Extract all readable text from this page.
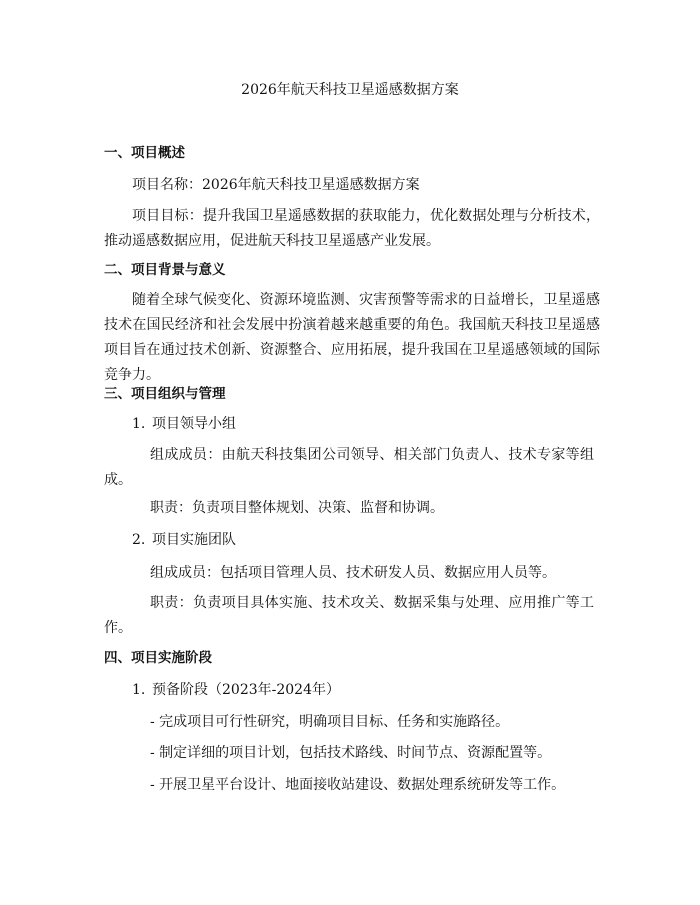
2026年航天科技卫星遥感数据方案
一、项目概述
项目名称：2026年航天科技卫星遥感数据方案
项目目标：提升我国卫星遥感数据的获取能力，优化数据处理与分析技术，推动遥感数据应用，促进航天科技卫星遥感产业发展。
二、项目背景与意义
随着全球气候变化、资源环境监测、灾害预警等需求的日益增长，卫星遥感技术在国民经济和社会发展中扮演着越来越重要的角色。我国航天科技卫星遥感项目旨在通过技术创新、资源整合、应用拓展，提升我国在卫星遥感领域的国际竞争力。
三、项目组织与管理
1. 项目领导小组
组成成员：由航天科技集团公司领导、相关部门负责人、技术专家等组成。
职责：负责项目整体规划、决策、监督和协调。
2. 项目实施团队
组成成员：包括项目管理人员、技术研发人员、数据应用人员等。
职责：负责项目具体实施、技术攻关、数据采集与处理、应用推广等工作。
四、项目实施阶段
1. 预备阶段（2023年-2024年）
- 完成项目可行性研究，明确项目目标、任务和实施路径。
- 制定详细的项目计划，包括技术路线、时间节点、资源配置等。
- 开展卫星平台设计、地面接收站建设、数据处理系统研发等工作。
